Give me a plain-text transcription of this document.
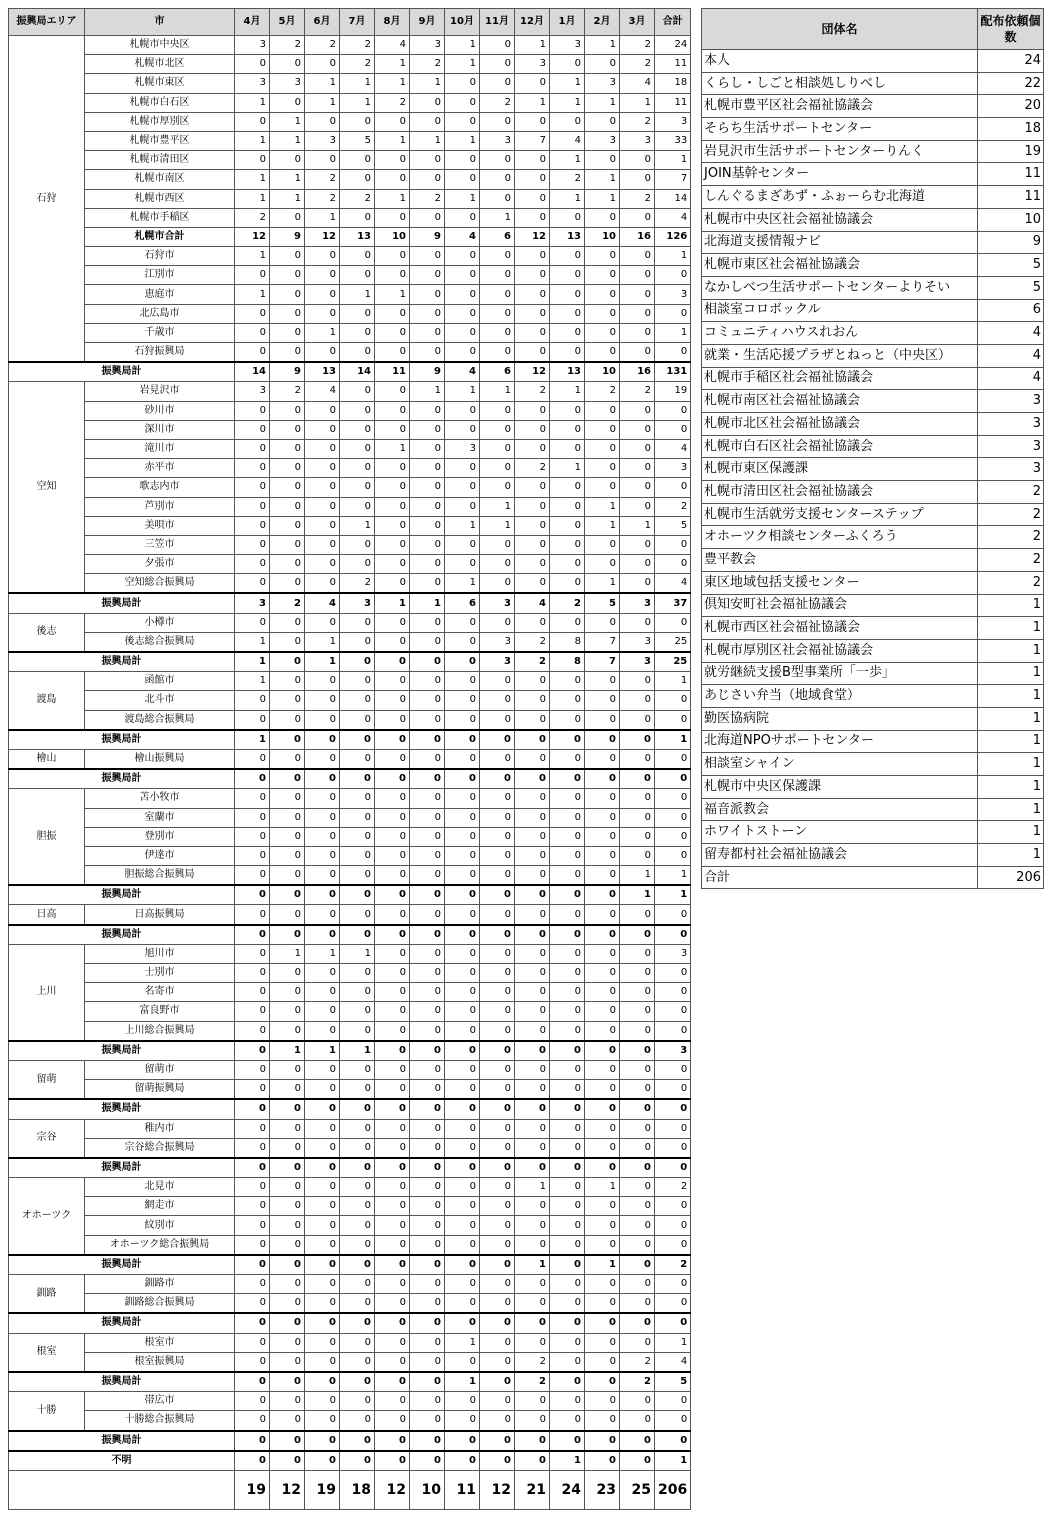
振興局エリア	市	4月	5月	6月	7月	8月	9月	10月	11月	12月	1月	2月	3月	合計
石狩	札幌市中央区	3	2	2	2	4	3	1	0	1	3	1	2	24
	札幌市北区	0	0	0	2	1	2	1	0	3	0	0	2	11
	札幌市東区	3	3	1	1	1	1	0	0	0	1	3	4	18
	札幌市白石区	1	0	1	1	2	0	0	2	1	1	1	1	11
	札幌市厚別区	0	1	0	0	0	0	0	0	0	0	0	2	3
	札幌市豊平区	1	1	3	5	1	1	1	3	7	4	3	3	33
	札幌市清田区	0	0	0	0	0	0	0	0	0	1	0	0	1
	札幌市南区	1	1	2	0	0	0	0	0	0	2	1	0	7
	札幌市西区	1	1	2	2	1	2	1	0	0	1	1	2	14
	札幌市手稲区	2	0	1	0	0	0	0	1	0	0	0	0	4
	札幌市合計	12	9	12	13	10	9	4	6	12	13	10	16	126
	石狩市	1	0	0	0	0	0	0	0	0	0	0	0	1
	江別市	0	0	0	0	0	0	0	0	0	0	0	0	0
	恵庭市	1	0	0	1	1	0	0	0	0	0	0	0	3
	北広島市	0	0	0	0	0	0	0	0	0	0	0	0	0
	千歳市	0	0	1	0	0	0	0	0	0	0	0	0	1
	石狩振興局	0	0	0	0	0	0	0	0	0	0	0	0	0
振興局計		14	9	13	14	11	9	4	6	12	13	10	16	131
空知	岩見沢市	3	2	4	0	0	1	1	1	2	1	2	2	19
	砂川市	0	0	0	0	0	0	0	0	0	0	0	0	0
	深川市	0	0	0	0	0	0	0	0	0	0	0	0	0
	滝川市	0	0	0	0	1	0	3	0	0	0	0	0	4
	赤平市	0	0	0	0	0	0	0	0	2	1	0	0	3
	歌志内市	0	0	0	0	0	0	0	0	0	0	0	0	0
	芦別市	0	0	0	0	0	0	0	1	0	0	1	0	2
	美唄市	0	0	0	1	0	0	1	1	0	0	1	1	5
	三笠市	0	0	0	0	0	0	0	0	0	0	0	0	0
	夕張市	0	0	0	0	0	0	0	0	0	0	0	0	0
	空知総合振興局	0	0	0	2	0	0	1	0	0	0	1	0	4
振興局計		3	2	4	3	1	1	6	3	4	2	5	3	37
後志	小樽市	0	0	0	0	0	0	0	0	0	0	0	0	0
	後志総合振興局	1	0	1	0	0	0	0	3	2	8	7	3	25
振興局計		1	0	1	0	0	0	0	3	2	8	7	3	25
渡島	函館市	1	0	0	0	0	0	0	0	0	0	0	0	1
	北斗市	0	0	0	0	0	0	0	0	0	0	0	0	0
	渡島総合振興局	0	0	0	0	0	0	0	0	0	0	0	0	0
振興局計		1	0	0	0	0	0	0	0	0	0	0	0	1
檜山	檜山振興局	0	0	0	0	0	0	0	0	0	0	0	0	0
振興局計		0	0	0	0	0	0	0	0	0	0	0	0	0
胆振	苫小牧市	0	0	0	0	0	0	0	0	0	0	0	0	0
	室蘭市	0	0	0	0	0	0	0	0	0	0	0	0	0
	登別市	0	0	0	0	0	0	0	0	0	0	0	0	0
	伊達市	0	0	0	0	0	0	0	0	0	0	0	0	0
	胆振総合振興局	0	0	0	0	0	0	0	0	0	0	0	1	1
振興局計		0	0	0	0	0	0	0	0	0	0	0	1	1
日高	日高振興局	0	0	0	0	0	0	0	0	0	0	0	0	0
振興局計		0	0	0	0	0	0	0	0	0	0	0	0	0
上川	旭川市	0	1	1	1	0	0	0	0	0	0	0	0	3
	士別市	0	0	0	0	0	0	0	0	0	0	0	0	0
	名寄市	0	0	0	0	0	0	0	0	0	0	0	0	0
	富良野市	0	0	0	0	0	0	0	0	0	0	0	0	0
	上川総合振興局	0	0	0	0	0	0	0	0	0	0	0	0	0
振興局計		0	1	1	1	0	0	0	0	0	0	0	0	3
留萌	留萌市	0	0	0	0	0	0	0	0	0	0	0	0	0
	留萌振興局	0	0	0	0	0	0	0	0	0	0	0	0	0
振興局計		0	0	0	0	0	0	0	0	0	0	0	0	0
宗谷	稚内市	0	0	0	0	0	0	0	0	0	0	0	0	0
	宗谷総合振興局	0	0	0	0	0	0	0	0	0	0	0	0	0
振興局計		0	0	0	0	0	0	0	0	0	0	0	0	0
オホーツク	北見市	0	0	0	0	0	0	0	0	1	0	1	0	2
	網走市	0	0	0	0	0	0	0	0	0	0	0	0	0
	紋別市	0	0	0	0	0	0	0	0	0	0	0	0	0
	オホーツク総合振興局	0	0	0	0	0	0	0	0	0	0	0	0	0
振興局計		0	0	0	0	0	0	0	0	1	0	1	0	2
釧路	釧路市	0	0	0	0	0	0	0	0	0	0	0	0	0
	釧路総合振興局	0	0	0	0	0	0	0	0	0	0	0	0	0
振興局計		0	0	0	0	0	0	0	0	0	0	0	0	0
根室	根室市	0	0	0	0	0	0	1	0	0	0	0	0	1
	根室振興局	0	0	0	0	0	0	0	0	2	0	0	2	4
振興局計		0	0	0	0	0	0	1	0	2	0	0	2	5
十勝	帯広市	0	0	0	0	0	0	0	0	0	0	0	0	0
	十勝総合振興局	0	0	0	0	0	0	0	0	0	0	0	0	0
振興局計		0	0	0	0	0	0	0	0	0	0	0	0	0
不明		0	0	0	0	0	0	0	0	0	1	0	0	1
		19	12	19	18	12	10	11	12	21	24	23	25	206
団体名	配布依頼個数
本人	24
くらし・しごと相談処しりべし	22
札幌市豊平区社会福祉協議会	20
そらち生活サポートセンター	18
岩見沢市生活サポートセンターりんく	19
JOIN基幹センター	11
しんぐるまざあず・ふぉーらむ北海道	11
札幌市中央区社会福祉協議会	10
北海道支援情報ナビ	9
札幌市東区社会福祉協議会	5
なかしべつ生活サポートセンターよりそい	5
相談室コロボックル	6
コミュニティハウスれおん	4
就業・生活応援プラザとねっと（中央区）	4
札幌市手稲区社会福祉協議会	4
札幌市南区社会福祉協議会	3
札幌市北区社会福祉協議会	3
札幌市白石区社会福祉協議会	3
札幌市東区保護課	3
札幌市清田区社会福祉協議会	2
札幌市生活就労支援センターステップ	2
オホーツク相談センターふくろう	2
豊平教会	2
東区地域包括支援センター	2
倶知安町社会福祉協議会	1
札幌市西区社会福祉協議会	1
札幌市厚別区社会福祉協議会	1
就労継続支援B型事業所「一歩」	1
あじさい弁当（地域食堂）	1
勤医協病院	1
北海道NPOサポートセンター	1
相談室シャイン	1
札幌市中央区保護課	1
福音派教会	1
ホワイトストーン	1
留寿都村社会福祉協議会	1
合計	206
